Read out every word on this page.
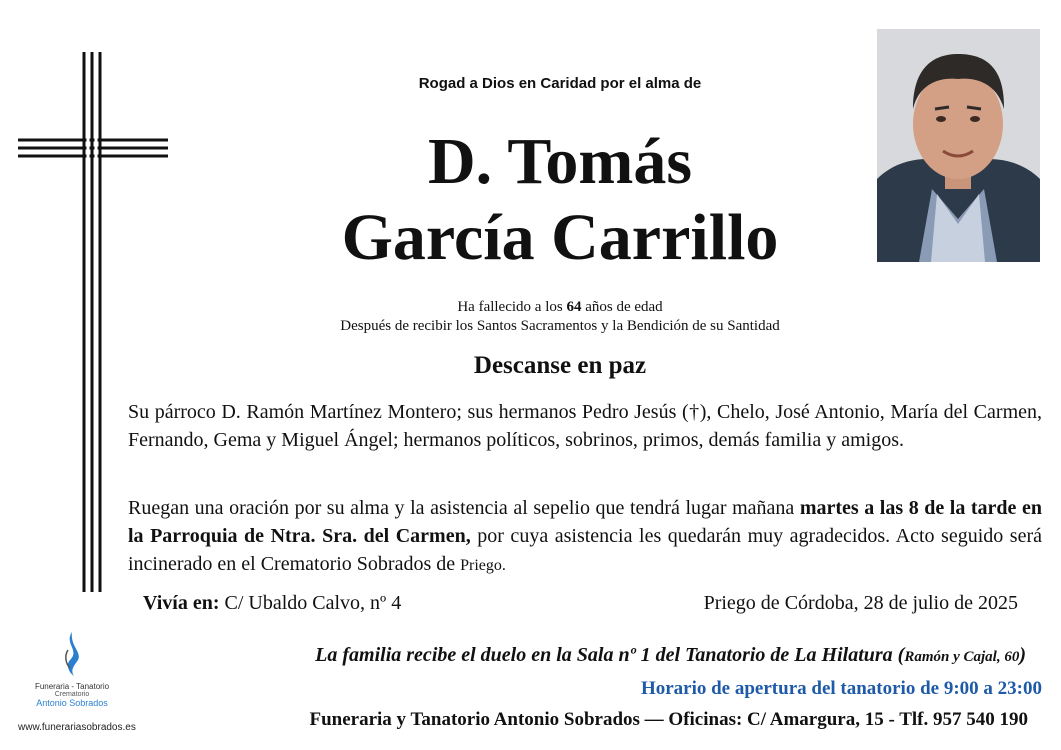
Rogad a Dios en Caridad por el alma de
D. Tomás
García Carrillo
Ha fallecido a los 64 años de edad
Después de recibir los Santos Sacramentos y la Bendición de su Santidad
Descanse en paz
Su párroco D. Ramón Martínez Montero; sus hermanos Pedro Jesús (†), Chelo, José Antonio, María del Carmen, Fernando, Gema y Miguel Ángel; hermanos políticos, sobrinos, primos, demás familia y amigos.
Ruegan una oración por su alma y la asistencia al sepelio que tendrá lugar mañana martes a las 8 de la tarde en la Parroquia de Ntra. Sra. del Carmen, por cuya asistencia les quedarán muy agradecidos. Acto seguido será incinerado en el Crematorio Sobrados de Priego.
Vivía en: C/ Ubaldo Calvo, nº 4	Priego de Córdoba, 28 de julio de 2025
Funeraria - Tanatorio
Crematorio
Antonio Sobrados
www.funerariasobrados.es
La familia recibe el duelo en la Sala nº 1 del Tanatorio de La Hilatura (Ramón y Cajal, 60)
Horario de apertura del tanatorio de 9:00 a 23:00
Funeraria y Tanatorio Antonio Sobrados — Oficinas: C/ Amargura, 15 - Tlf. 957 540 190
